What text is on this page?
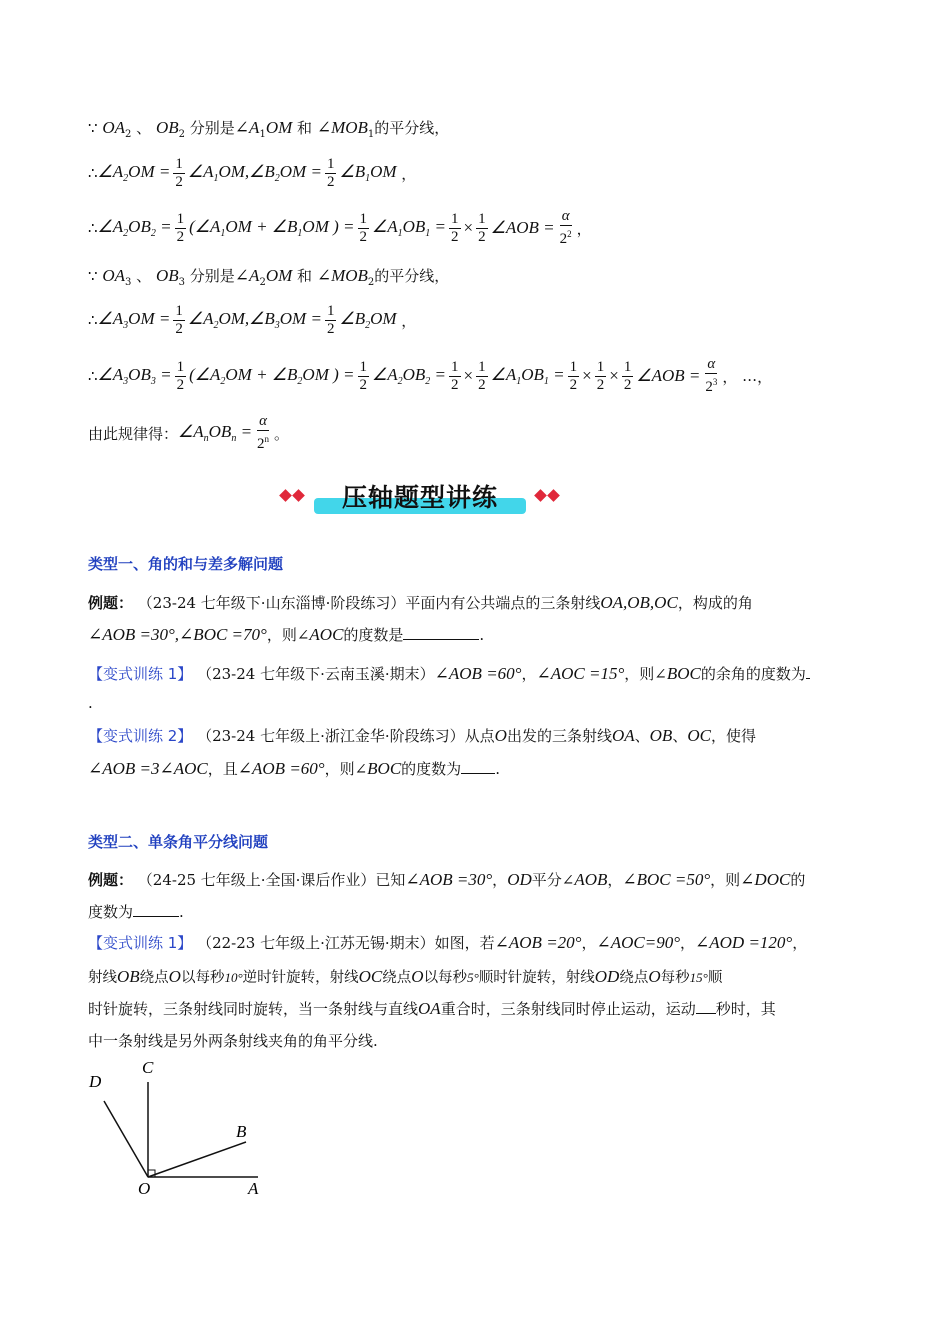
∵ $OA_2$ 、 $OB_2$ 分别是$\angle A_1OM$ 和 $\angle MOB_1$的平分线，
∴ $\angle A_2OM = \frac{1}{2}$ $\angle A_1OM,\angle B_2OM = \frac{1}{2}$ $\angle B_1OM$ ，
∴ $\angle A_2OB_2 = \frac{1}{2}$ ($\angle A_1OM$ + $\angle B_1OM$ ) = $\frac{1}{2}$ $\angle A_1OB_1 = \frac{1}{2} \times \frac{1}{2}$ ∠AOB = $\frac{\alpha}{2^2}$ ，
∵ $OA_3$ 、 $OB_3$ 分别是$\angle A_2OM$ 和 $\angle MOB_2$的平分线，
∴ $\angle A_3OM = \frac{1}{2}$ $\angle A_2OM,\angle B_3OM = \frac{1}{2}$ $\angle B_2OM$ ，
∴ $\angle A_3OB_3 = \frac{1}{2}$ ($\angle A_2OM$ + $\angle B_2OM$ ) = $\frac{1}{2}$ $\angle A_2OB_2 = \frac{1}{2} \times \frac{1}{2}$ $\angle A_1OB_1 = \frac{1}{2} \times \frac{1}{2} \times \frac{1}{2}$ ∠AOB = $\frac{\alpha}{2^3}$ ， … ，
由此规律得： $\angle A_nOB_n = \frac{\alpha}{2^n}$ 。
压轴题型讲练
类型一、角的和与差多解问题
例题： （23-24 七年级下·山东淄博·阶段练习）平面内有公共端点的三条射线OA,OB,OC，构成的角
∠AOB =30°,∠BOC =70°，则∠AOC的度数是	.
【变式训练 1】 （23-24 七年级下·云南玉溪·期末）∠AOB =60°，∠AOC =15°，则∠BOC的余角的度数为
.
【变式训练 2】 （23-24 七年级上·浙江金华·阶段练习）从点O出发的三条射线OA、OB、OC，使得
∠AOB =3∠AOC，且∠AOB =60°，则∠BOC的度数为 .
类型二、单条角平分线问题
例题： （24-25 七年级上·全国·课后作业）已知∠AOB =30°，OD平分∠AOB，∠BOC =50°，则∠DOC的
度数为	.
【变式训练 1】 （22-23 七年级上·江苏无锡·期末）如图，若∠AOB =20°，∠AOC=90°，∠AOD =120°，
射线OB绕点O以每秒10°逆时针旋转，射线OC绕点O以每秒5°顺时针旋转，射线OD绕点O每秒15°顺
时针旋转，三条射线同时旋转，当一条射线与直线OA重合时，三条射线同时停止运动，运动 秒时，其
中一条射线是另外两条射线夹角的角平分线.
C
D
B
O	A
